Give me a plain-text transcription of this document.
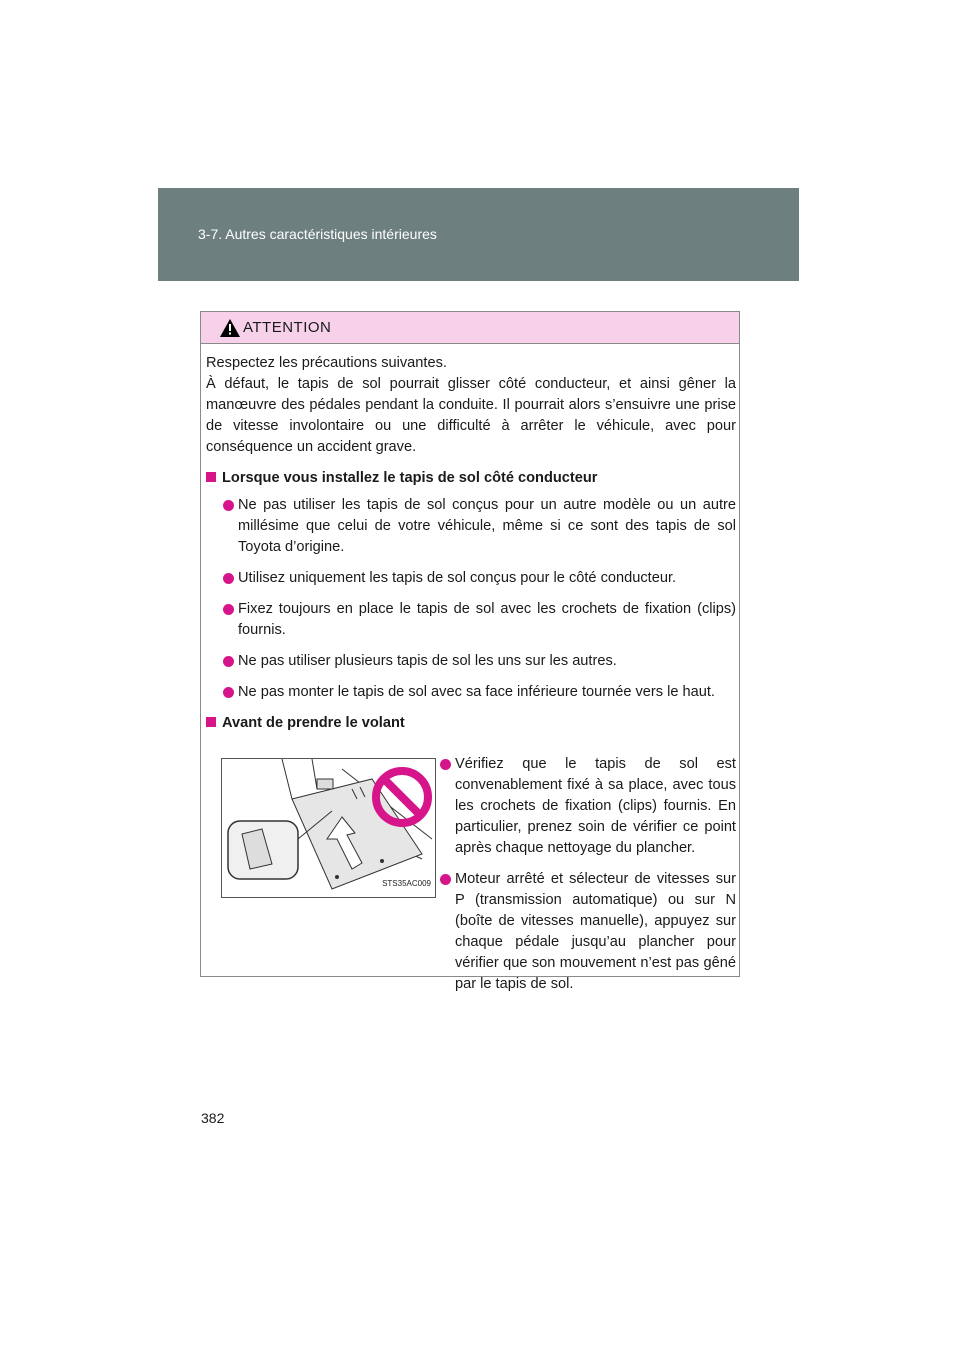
3-7. Autres caractéristiques intérieures
ATTENTION

Respectez les précautions suivantes.
À défaut, le tapis de sol pourrait glisser côté conducteur, et ainsi gêner la manœuvre des pédales pendant la conduite. Il pourrait alors s’ensuivre une prise de vitesse involontaire ou une difficulté à arrêter le véhicule, avec pour conséquence un accident grave.

Lorsque vous installez le tapis de sol côté conducteur
Ne pas utiliser les tapis de sol conçus pour un autre modèle ou un autre millésime que celui de votre véhicule, même si ce sont des tapis de sol Toyota d’origine.
Utilisez uniquement les tapis de sol conçus pour le côté conducteur.
Fixez toujours en place le tapis de sol avec les crochets de fixation (clips) fournis.
Ne pas utiliser plusieurs tapis de sol les uns sur les autres.
Ne pas monter le tapis de sol avec sa face inférieure tournée vers le haut.
Avant de prendre le volant
STS35AC009
Vérifiez que le tapis de sol est convenablement fixé à sa place, avec tous les crochets de fixation (clips) fournis. En particulier, prenez soin de vérifier ce point après chaque nettoyage du plancher.
Moteur arrêté et sélecteur de vitesses sur P (transmission automatique) ou sur N (boîte de vitesses manuelle), appuyez sur chaque pédale jusqu’au plancher pour vérifier que son mouvement n’est pas gêné par le tapis de sol.
382
